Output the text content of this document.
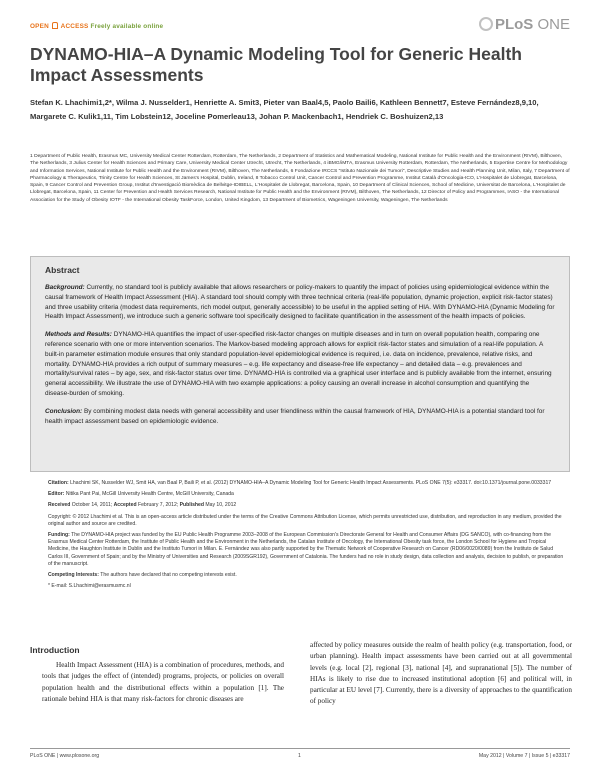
OPEN ACCESS Freely available online	PLoS ONE
DYNAMO-HIA–A Dynamic Modeling Tool for Generic Health Impact Assessments
Stefan K. Lhachimi1,2*, Wilma J. Nusselder1, Henriette A. Smit3, Pieter van Baal4,5, Paolo Baili6, Kathleen Bennett7, Esteve Fernández8,9,10, Margarete C. Kulik1,11, Tim Lobstein12, Joceline Pomerleau13, Johan P. Mackenbach1, Hendriek C. Boshuizen2,13
1 Department of Public Health, Erasmus MC, University Medical Center Rotterdam, Rotterdam, The Netherlands, 2 Department of Statistics and Mathematical Modeling, National Institute for Public Health and the Environment (RIVM), Bilthoven, The Netherlands, 3 Julius Center for Health Sciences and Primary Care, University Medical Center Utrecht, Utrecht, The Netherlands, 4 iBMG/iMTA, Erasmus University Rotterdam, Rotterdam, The Netherlands, 5 Expertise Centre for Methodology and Information Services, National Institute for Public Health and the Environment (RIVM), Bilthoven, The Netherlands, 6 Fondazione IRCCS "Istituto Nazionale dei Tumori", Descriptive Studies and Health Planning Unit, Milan, Italy, 7 Department of Pharmacology & Therapeutics, Trinity Centre for Health Sciences, St James's Hospital, Dublin, Ireland, 8 Tobacco Control Unit, Cancer Control and Prevention Programme, Institut Català d'Oncologia-ICO, L'Hospitalet de Llobregat, Barcelona, Spain, 9 Cancer Control and Prevention Group, Institut d'Investigació Biomèdica de Bellvitge-IDIBELL, L'Hospitalet de Llobregat, Barcelona, Spain, 10 Department of Clinical Sciences, School of Medicine, Universitat de Barcelona, L'Hospitalet de Llobregat, Barcelona, Spain, 11 Center for Prevention and Health Services Research, National Institute for Public Health and the Environment (RIVM), Bilthoven, The Netherlands, 12 Director of Policy and Programmes, IASO - the International Association for the Study of Obesity IOTF - the International Obesity TaskForce, London, United Kingdom, 13 Department of Biometrics, Wageningen University, Wageningen, The Netherlands
Abstract

Background: Currently, no standard tool is publicly available that allows researchers or policy-makers to quantify the impact of policies using epidemiological evidence within the causal framework of Health Impact Assessment (HIA). A standard tool should comply with three technical criteria (real-life population, dynamic projection, explicit risk-factor states) and three usability criteria (modest data requirements, rich model output, generally accessible) to be useful in the applied setting of HIA. With DYNAMO-HIA (Dynamic Modeling for Health Impact Assessment), we introduce such a generic software tool specifically designed to facilitate quantification in the assessment of the health impacts of policies.

Methods and Results: DYNAMO-HIA quantifies the impact of user-specified risk-factor changes on multiple diseases and in turn on overall population health, comparing one reference scenario with one or more intervention scenarios. The Markov-based modeling approach allows for explicit risk-factor states and simulation of a real-life population. A built-in parameter estimation module ensures that only standard population-level epidemiological evidence is required, i.e. data on incidence, prevalence, relative risks, and mortality. DYNAMO-HIA provides a rich output of summary measures – e.g. life expectancy and disease-free life expectancy – and detailed data – e.g. prevalences and mortality/survival rates – by age, sex, and risk-factor status over time. DYNAMO-HIA is controlled via a graphical user interface and is publicly available from the internet, ensuring general accessibility. We illustrate the use of DYNAMO-HIA with two example applications: a policy causing an overall increase in alcohol consumption and quantifying the disease-burden of smoking.

Conclusion: By combining modest data needs with general accessibility and user friendliness within the causal framework of HIA, DYNAMO-HIA is a potential standard tool for health impact assessment based on epidemiologic evidence.

Citation: Lhachimi SK, Nusselder WJ, Smit HA, van Baal P, Baili P, et al. (2012) DYNAMO-HIA–A Dynamic Modeling Tool for Generic Health Impact Assessments. PLoS ONE 7(5): e33317. doi:10.1371/journal.pone.0033317

Editor: Nitika Pant Pai, McGill University Health Centre, McGill University, Canada

Received October 14, 2011; Accepted February 7, 2012; Published May 10, 2012

Copyright: © 2012 Lhachimi et al. This is an open-access article distributed under the terms of the Creative Commons Attribution License, which permits unrestricted use, distribution, and reproduction in any medium, provided the original author and source are credited.

Funding: The DYNAMO-HIA project was funded by the EU Public Health Programme 2003–2008 of the European Commission's Directorate General for Health and Consumer Affairs (DG SANCO), with co-financing from the Erasmus Medical Center Rotterdam, the Institute of Public Health and the Environment in the Netherlands, the Catalan Institute of Oncology, the International Obesity task force, the London School for Hygiene and Tropical Medicine, the Haughton Institute in Dublin and the Instituto Tumori in Milan. E. Fernández was also partly supported by the Thematic Network of Cooperative Research on Cancer (RD06/0020/0089) from the Instituto de Salud Carlos III, Government of Spain; and by the Ministry of Universities and Research (2009SGR192), Government of Catalonia. The funders had no role in study design, data collection and analysis, decision to publish, or preparation of the manuscript.

Competing Interests: The authors have declared that no competing interests exist.

* E-mail: S.Lhachimi@erasmusmc.nl

Introduction
Health Impact Assessment (HIA) is a combination of procedures, methods, and tools that judges the effect of (intended) programs, projects, or policies on overall population health and the distributional effects within a population [1]. The rationale behind HIA is that many risk-factors for chronic diseases are
affected by policy measures outside the realm of health policy (e.g. transportation, food, or urban planning). Health impact assessments have been carried out at all governmental levels (e.g. local [2], regional [3], national [4], and supranational [5]). The number of HIAs is likely to rise due to increased institutional adoption [6] and political will, in particular at EU level [7]. Currently, there is a diversity of approaches to the quantification of policy
PLoS ONE | www.plosone.org	1	May 2012 | Volume 7 | Issue 5 | e33317
